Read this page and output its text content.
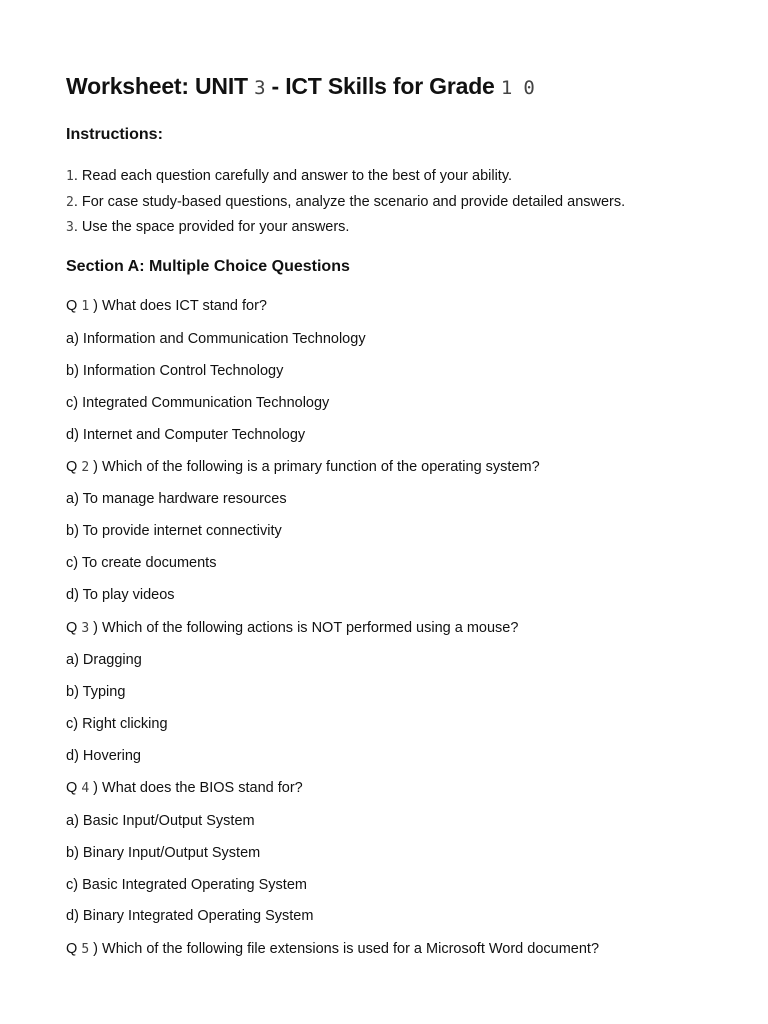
Worksheet: UNIT 3 - ICT Skills for Grade 1 0
Instructions:
1. Read each question carefully and answer to the best of your ability.
2. For case study-based questions, analyze the scenario and provide detailed answers.
3. Use the space provided for your answers.
Section A: Multiple Choice Questions
Q 1 ) What does ICT stand for?
a) Information and Communication Technology
b) Information Control Technology
c) Integrated Communication Technology
d) Internet and Computer Technology
Q 2 ) Which of the following is a primary function of the operating system?
a) To manage hardware resources
b) To provide internet connectivity
c) To create documents
d) To play videos
Q 3 ) Which of the following actions is NOT performed using a mouse?
a) Dragging
b) Typing
c) Right clicking
d) Hovering
Q 4 ) What does the BIOS stand for?
a) Basic Input/Output System
b) Binary Input/Output System
c) Basic Integrated Operating System
d) Binary Integrated Operating System
Q 5 ) Which of the following file extensions is used for a Microsoft Word document?
